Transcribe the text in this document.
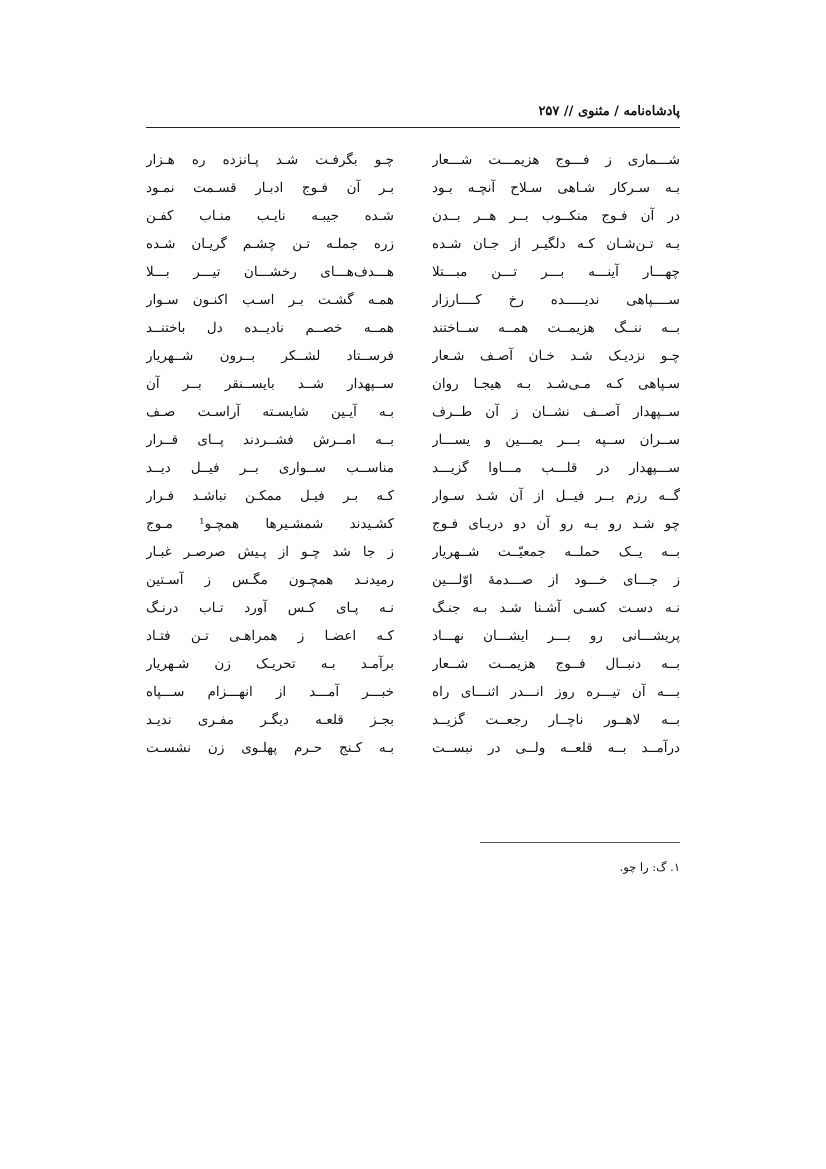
پادشاه‌نامه / مثنوی // ۲۵۷
شـــماری ز فـــوج هزیمـــت شـــعار
بـه سـرکار شـاهی سـلاح آنچـه بـود
در آن فـوج منکــوب بــر هــر بــدن
بـه تـن‌شـان کـه دلگیـر از جـان شـده
چهـــار آینـــه بـــر تـــن مبـــتلا
ســــپاهی ندیـــــده رخ کــــارزار
بــه ننــگ هزیمــت همــه ســاختند
چـو نزدیـک شـد خـان آصـف شـعار
سـپاهی کـه مـی‌شـد بـه هیجـا روان
ســپهدار آصــف نشــان ز آن طــرف
ســران ســپه بـــر یمـــین و یســـار
ســـپهدار در قلـــب مـــاوا گزیـــد
گــه رزم بــر فیــل از آن شـد سـوار
چو شـد رو بـه رو آن دو دریـای فـوج
بــه یــک حملــه جمعیّــت شــهریار
ز جـــای خـــود از صـــدمۀ اوّلـــین
نـه دسـت کسـی آشـنا شـد بـه جنـگ
پریشـــانی رو بـــر ایشـــان نهـــاد
بــه دنبــال فــوج هزیمــت شــعار
بـــه آن تیـــره روز انـــدر اثنـــای راه
بــه لاهــور ناچــار رجعــت گزیــد
درآمــد بــه قلعــه ولــی در نبســت
چـو بگرفـت شـد پـانزده ره هـزار
بـر آن فـوج ادبـار قسـمت نمـود
شـده جیبـه نایـب منـاب کفـن
زره جملـه تـن چشـم گریـان شـده
هـــدف‌هـــای رخشـــان تیـــر بـــلا
همـه گشـت بـر اسـب اکنـون سـوار
همــه خصــم نادیــده دل باختنــد
فرســتاد لشــکر بــرون شــهریار
ســپهدار شــد بایســنقر بــر آن
بـه آیـین شایسـته آراسـت صـف
بــه امــرش فشــردند پــای قــرار
مناســب ســواری بــر فیــل دیــد
کـه بـر فیـل ممکـن نباشـد فـرار
کشـیدند شمشـیرها همچـو¹ مـوج
ز جا شد چـو از پـیش صرصـر غبـار
رمیدنـد همچـون مگـس ز آسـتین
نـه پـای کـس آورد تـاب درنـگ
کـه اعضـا ز همراهـی تـن فتـاد
برآمـد بـه تحریـک زن شـهریار
خبـــر آمـــد از انهـــزام ســـپاه
بجـز قلعـه دیگـر مفـری ندیـد
بـه کـنج حـرم پهلـوی زن نشسـت
۱. گ: را چو.
